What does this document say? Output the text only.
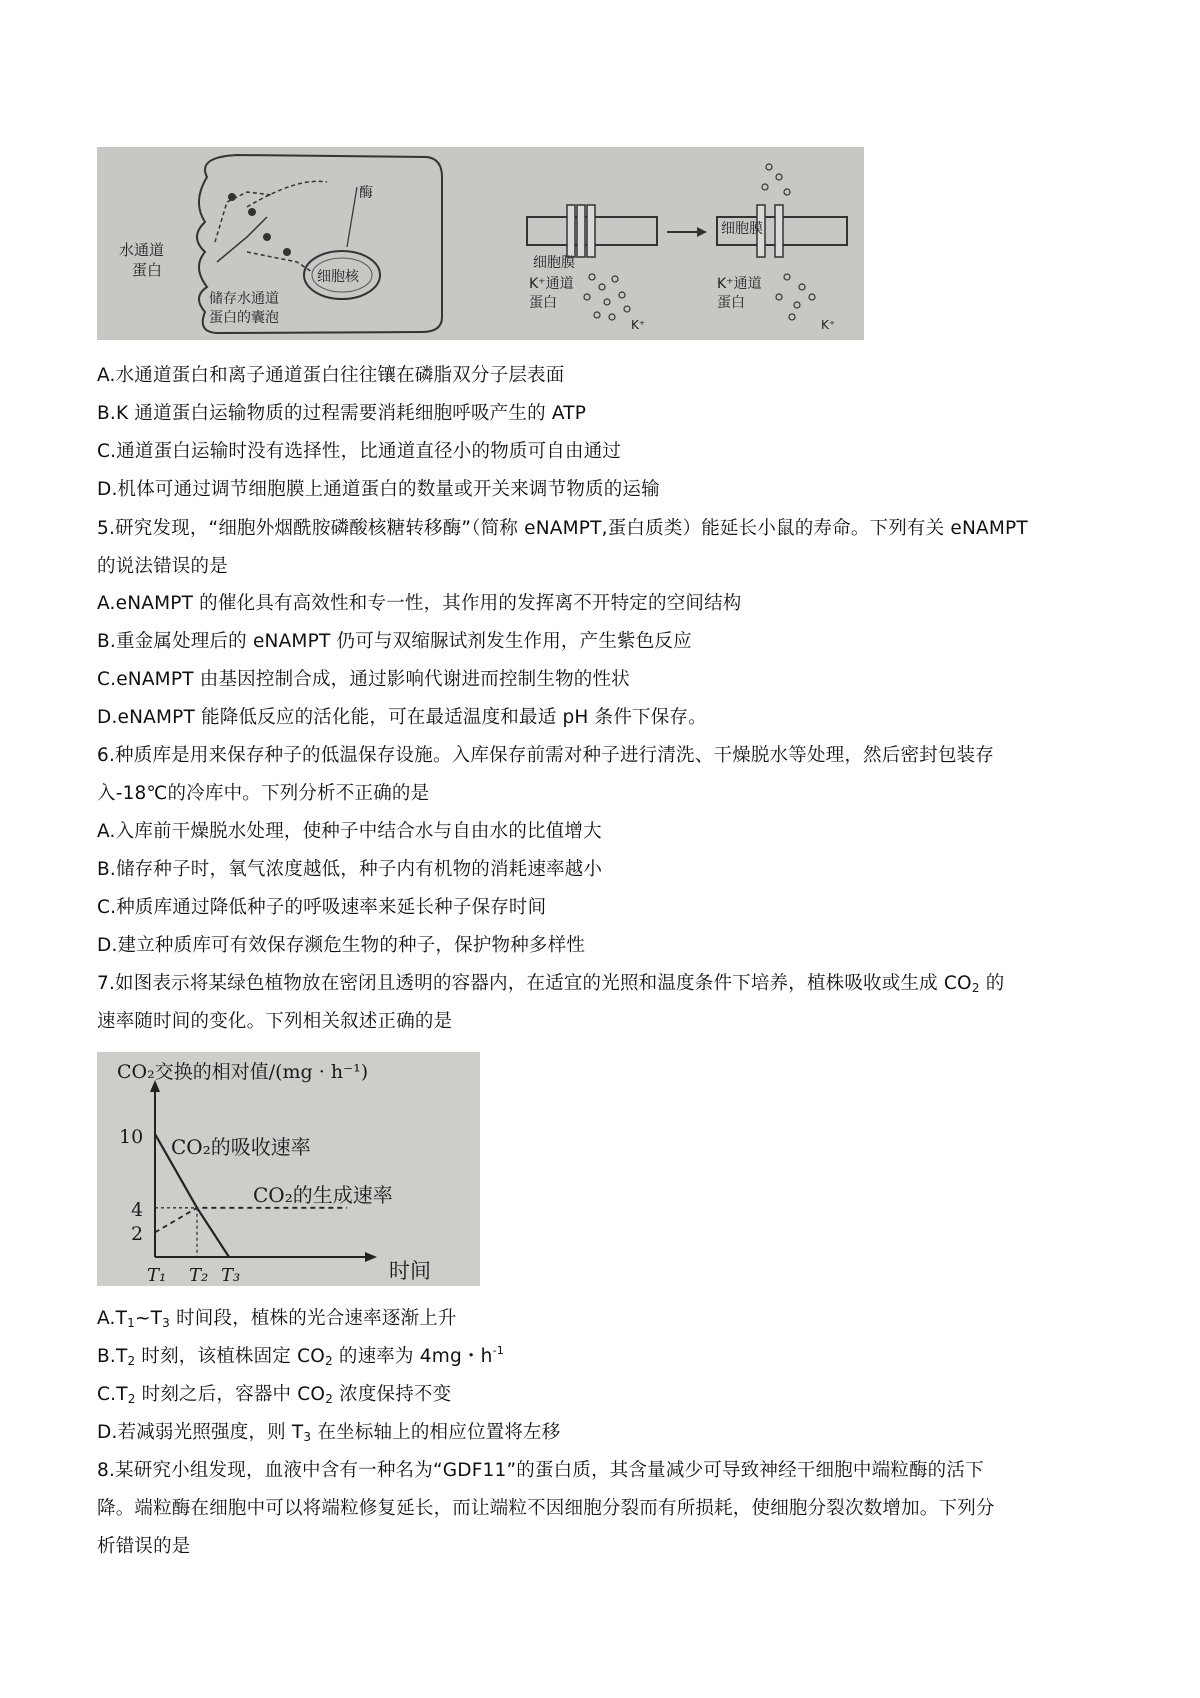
酶
细胞核
水通道
蛋白
储存水通道
蛋白的囊泡
细胞膜
K⁺通道
蛋白
K⁺
细胞膜
K⁺通道
蛋白
K⁺
A.水通道蛋白和离子通道蛋白往往镶在磷脂双分子层表面
B.K 通道蛋白运输物质的过程需要消耗细胞呼吸产生的 ATP
C.通道蛋白运输时没有选择性，比通道直径小的物质可自由通过
D.机体可通过调节细胞膜上通道蛋白的数量或开关来调节物质的运输
5.研究发现，“细胞外烟酰胺磷酸核糖转移酶”（简称 eNAMPT,蛋白质类）能延长小鼠的寿命。下列有关 eNAMPT
的说法错误的是
A.eNAMPT 的催化具有高效性和专一性，其作用的发挥离不开特定的空间结构
B.重金属处理后的 eNAMPT 仍可与双缩脲试剂发生作用，产生紫色反应
C.eNAMPT 由基因控制合成，通过影响代谢进而控制生物的性状
D.eNAMPT 能降低反应的活化能，可在最适温度和最适 pH 条件下保存。
6.种质库是用来保存种子的低温保存设施。入库保存前需对种子进行清洗、干燥脱水等处理，然后密封包装存
入-18℃的冷库中。下列分析不正确的是
A.入库前干燥脱水处理，使种子中结合水与自由水的比值增大
B.储存种子时，氧气浓度越低，种子内有机物的消耗速率越小
C.种质库通过降低种子的呼吸速率来延长种子保存时间
D.建立种质库可有效保存濒危生物的种子，保护物种多样性
7.如图表示将某绿色植物放在密闭且透明的容器内，在适宜的光照和温度条件下培养，植株吸收或生成 $CO_2$ 的
速率随时间的变化。下列相关叙述正确的是
CO₂交换的相对值/(mg · h⁻¹)
时间
10
4
2
T₁ T₂ T₃
CO₂的吸收速率
CO₂的生成速率
$A.T_1\sim T_3$ 时间段，植株的光合速率逐渐上升
$B.T_2$ 时刻，该植株固定 $CO_2$ 的速率为 4mg・$h^{-1}$
$C.T_2$ 时刻之后，容器中 $CO_2$ 浓度保持不变
D.若减弱光照强度，则 $T_3$ 在坐标轴上的相应位置将左移
8.某研究小组发现，血液中含有一种名为“GDF11”的蛋白质，其含量减少可导致神经干细胞中端粒酶的活下
降。端粒酶在细胞中可以将端粒修复延长，而让端粒不因细胞分裂而有所损耗，使细胞分裂次数增加。下列分
析错误的是
